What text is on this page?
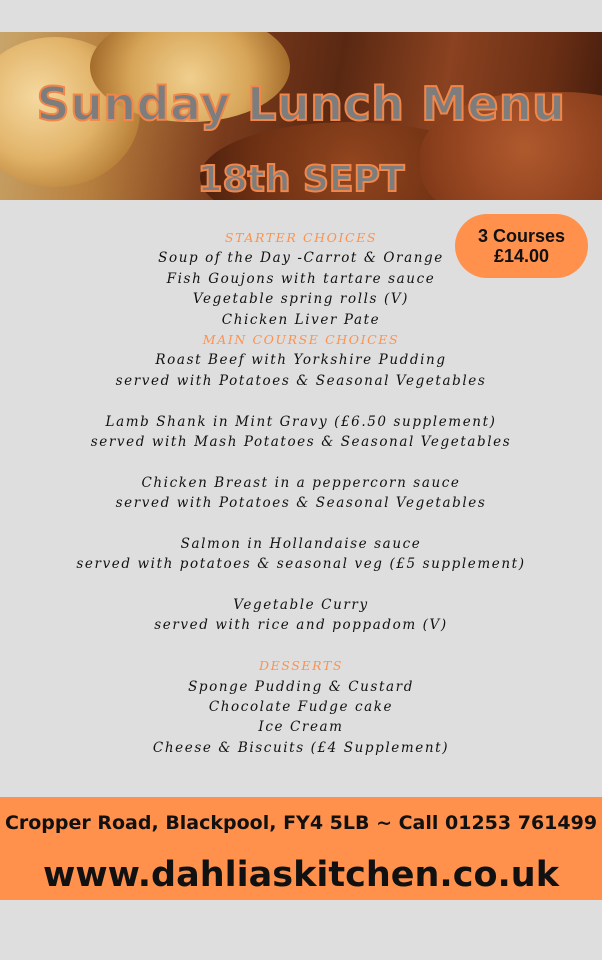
Sunday Lunch Menu
18th SEPT
3 Courses
£14.00
STARTER CHOICES
Soup of the Day -Carrot & Orange
Fish Goujons with tartare sauce
Vegetable spring rolls (V)
Chicken Liver Pate
MAIN COURSE CHOICES
Roast Beef with Yorkshire Pudding
served with Potatoes & Seasonal Vegetables
Lamb Shank in Mint Gravy (£6.50 supplement)
served with Mash Potatoes & Seasonal Vegetables
Chicken Breast in a peppercorn sauce
served with Potatoes & Seasonal Vegetables
Salmon in Hollandaise sauce
served with potatoes & seasonal veg (£5 supplement)
Vegetable Curry
served with rice and poppadom (V)
DESSERTS
Sponge Pudding & Custard
Chocolate Fudge cake
Ice Cream
Cheese & Biscuits (£4 Supplement)
Cropper Road, Blackpool, FY4 5LB ~ Call 01253 761499
www.dahliaskitchen.co.uk
